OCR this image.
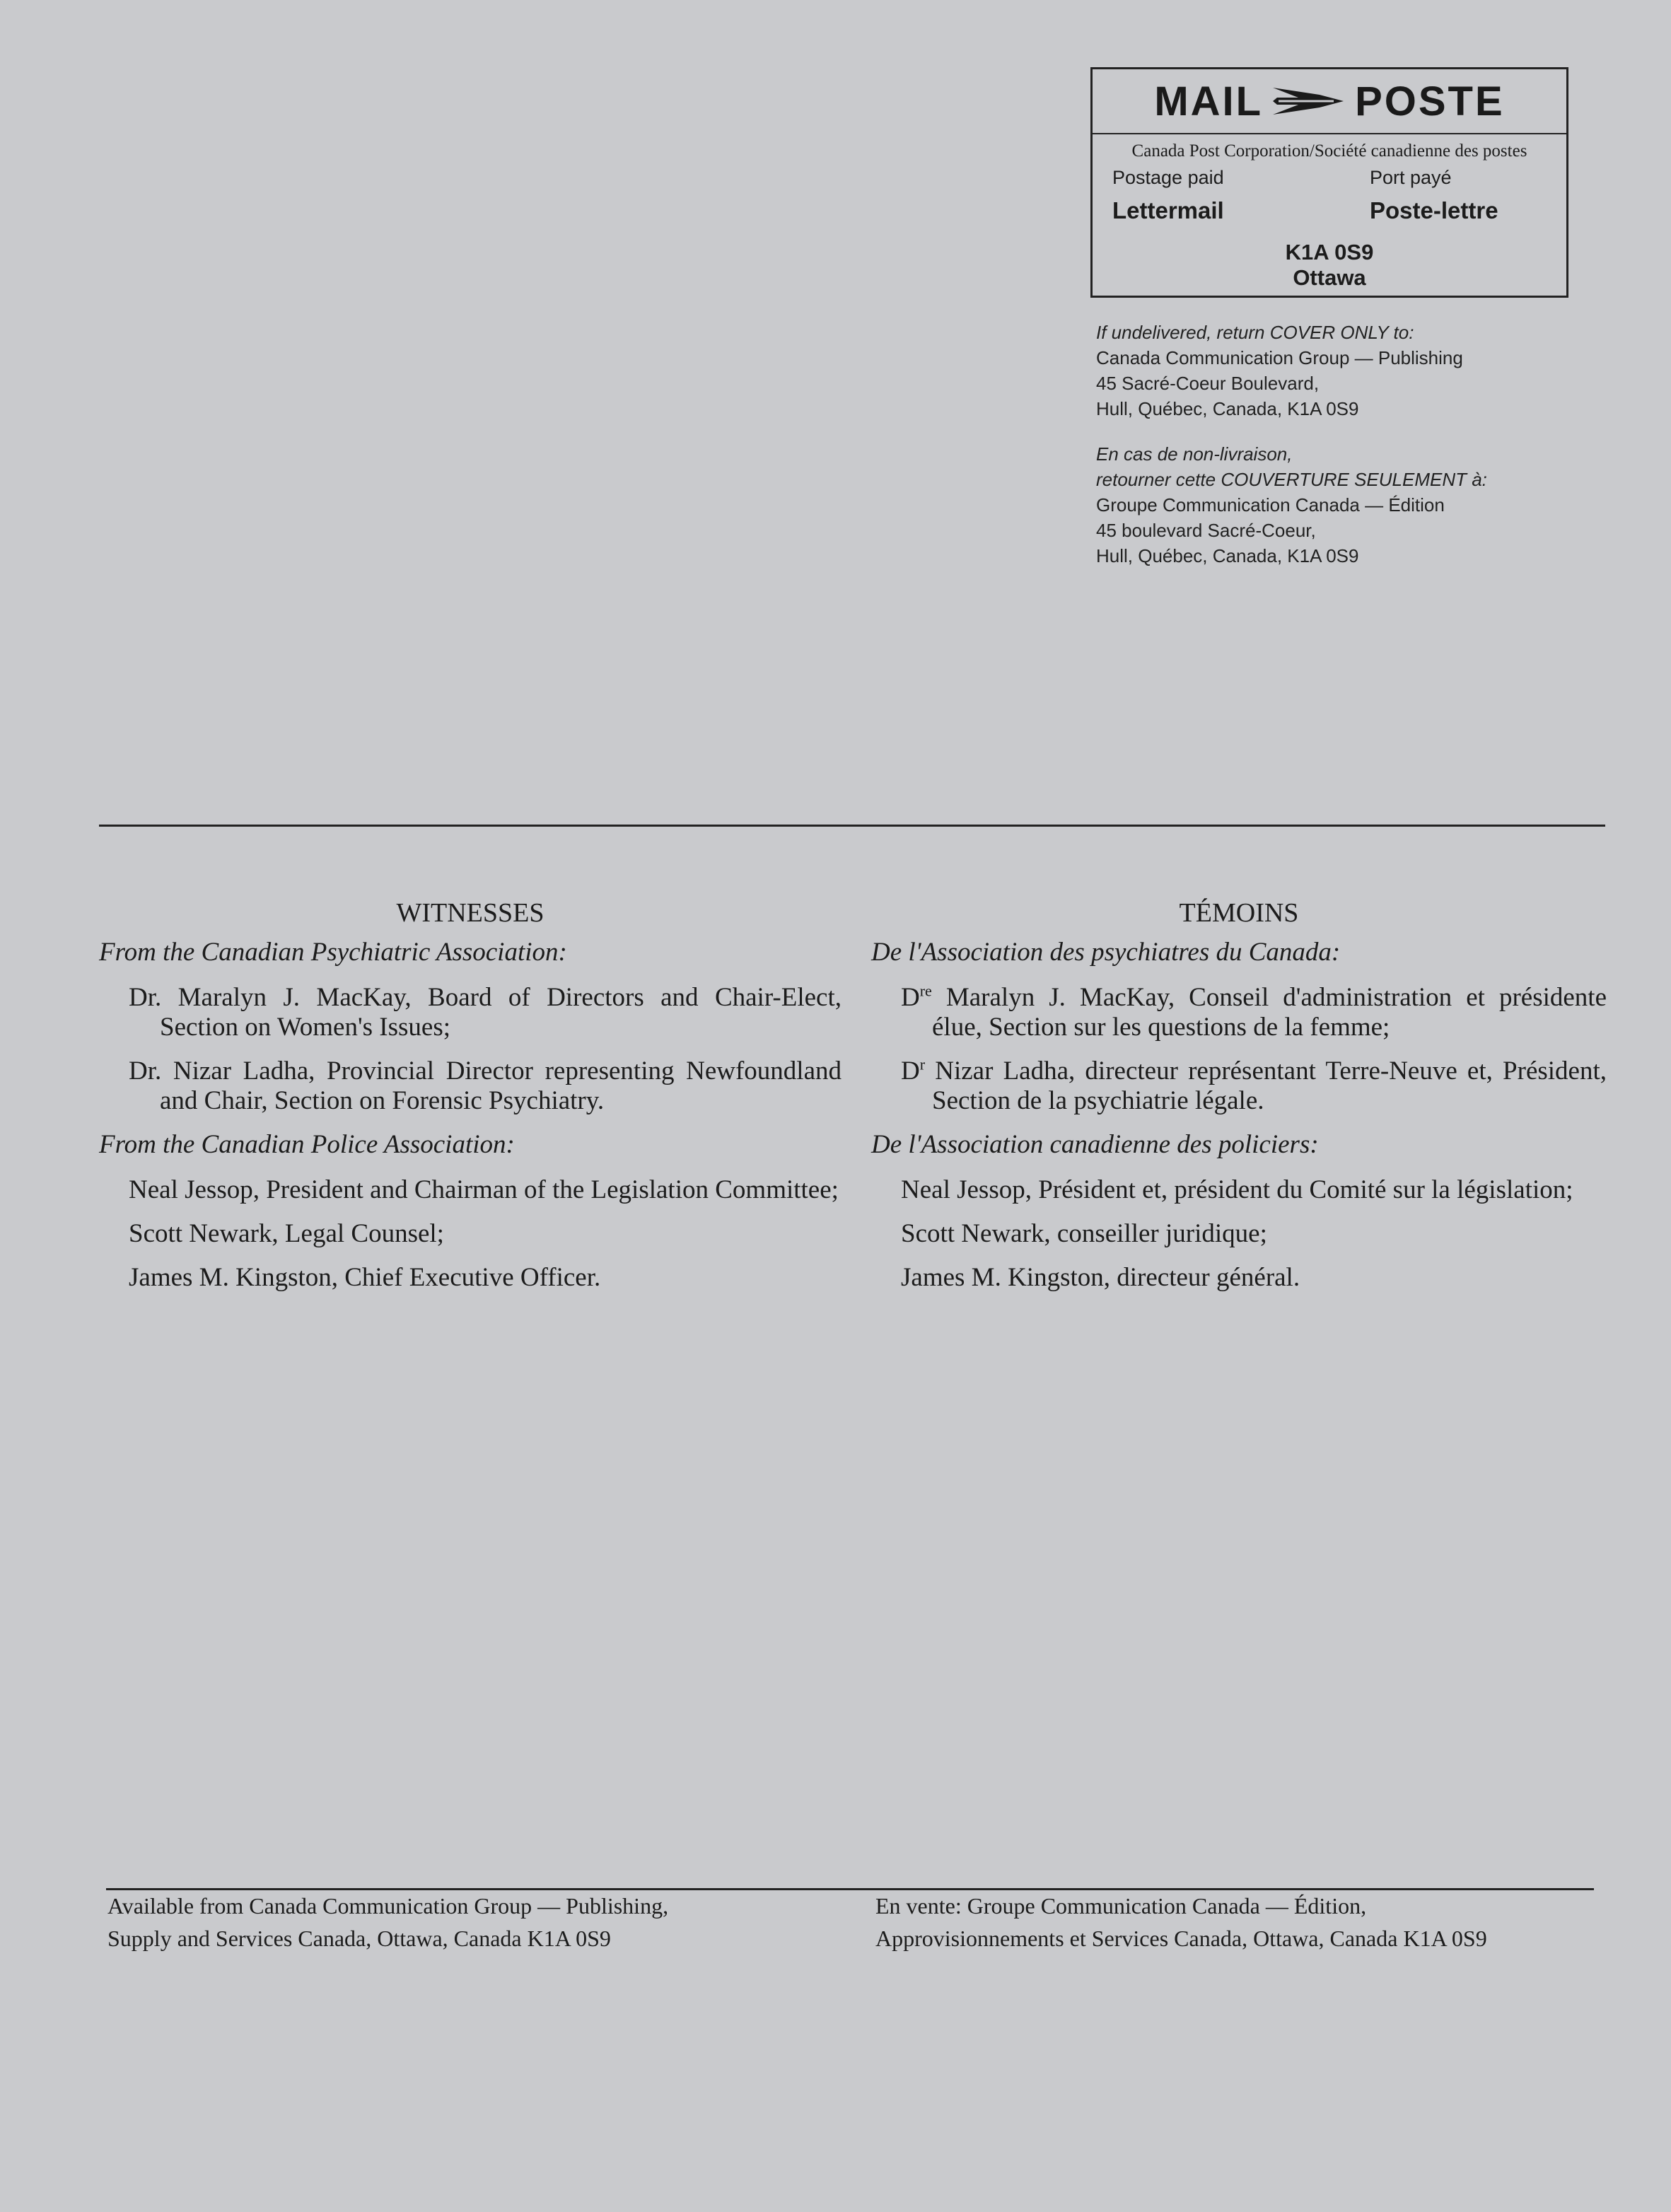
MAIL POSTE
Canada Post Corporation/Société canadienne des postes
Postage paid	Port payé
Lettermail	Poste-lettre
K1A 0S9
Ottawa
If undelivered, return COVER ONLY to:
Canada Communication Group — Publishing
45 Sacré-Coeur Boulevard,
Hull, Québec, Canada, K1A 0S9
En cas de non-livraison,
retourner cette COUVERTURE SEULEMENT à:
Groupe Communication Canada — Édition
45 boulevard Sacré-Coeur,
Hull, Québec, Canada, K1A 0S9
WITNESSES
From the Canadian Psychiatric Association:
Dr. Maralyn J. MacKay, Board of Directors and Chair-Elect, Section on Women's Issues;
Dr. Nizar Ladha, Provincial Director representing Newfoundland and Chair, Section on Forensic Psychiatry.
From the Canadian Police Association:
Neal Jessop, President and Chairman of the Legislation Committee;
Scott Newark, Legal Counsel;
James M. Kingston, Chief Executive Officer.
TÉMOINS
De l'Association des psychiatres du Canada:
Dre Maralyn J. MacKay, Conseil d'administration et présidente élue, Section sur les questions de la femme;
$D^r$ Nizar Ladha, directeur représentant Terre-Neuve et, Président, Section de la psychiatrie légale.
De l'Association canadienne des policiers:
Neal Jessop, Président et, président du Comité sur la législation;
Scott Newark, conseiller juridique;
James M. Kingston, directeur général.
Available from Canada Communication Group — Publishing,
Supply and Services Canada, Ottawa, Canada K1A 0S9
En vente: Groupe Communication Canada — Édition,
Approvisionnements et Services Canada, Ottawa, Canada K1A 0S9
